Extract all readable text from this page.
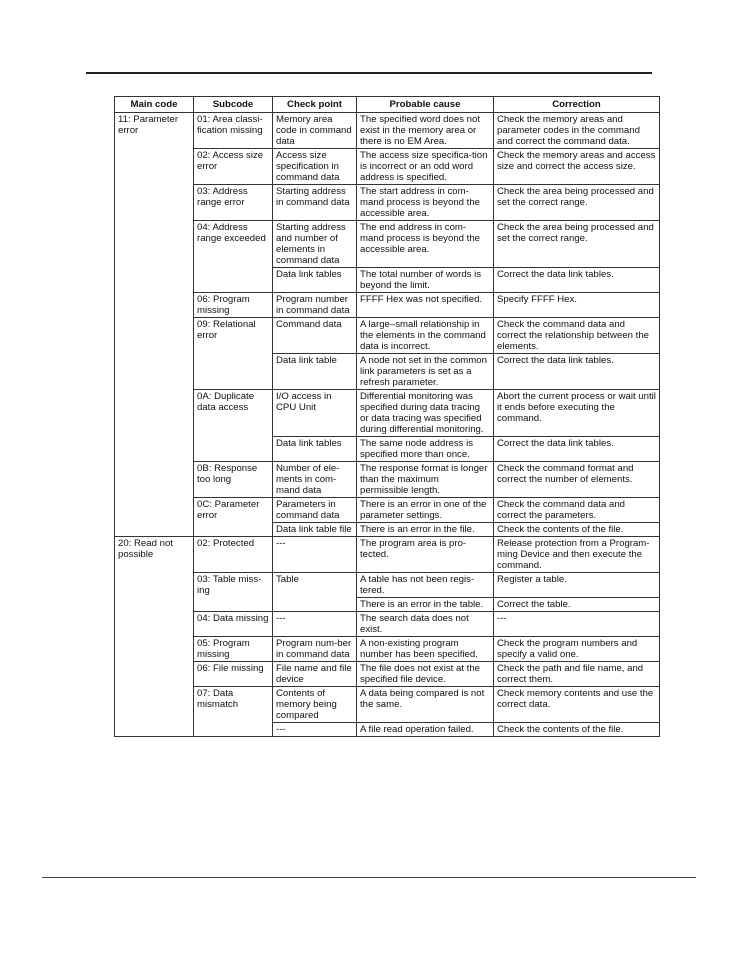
Main code	Subcode	Check point	Probable cause	Correction
11: Parameter error	01: Area classi-fication missing	Memory area code in command data	The specified word does not exist in the memory area or there is no EM Area.	Check the memory areas and parameter codes in the command and correct the command data.
	02: Access size error	Access size specification in command data	The access size specifica-tion is incorrect or an odd word address is specified.	Check the memory areas and access size and correct the access size.
	03: Address range error	Starting address in command data	The start address in com-mand process is beyond the accessible area.	Check the area being processed and set the correct range.
	04: Address range exceeded	Starting address and number of elements in command data	The end address in com-mand process is beyond the accessible area.	Check the area being processed and set the correct range.
		Data link tables	The total number of words is beyond the limit.	Correct the data link tables.
	06: Program missing	Program number in command data	FFFF Hex was not specified.	Specify FFFF Hex.
	09: Relational error	Command data	A large–small relationship in the elements in the command data is incorrect.	Check the command data and correct the relationship between the elements.
		Data link table	A node not set in the common link parameters is set as a refresh parameter.	Correct the data link tables.
	0A: Duplicate data access	I/O access in CPU Unit	Differential monitoring was specified during data tracing or data tracing was specified during differential monitoring.	Abort the current process or wait until it ends before executing the command.
		Data link tables	The same node address is specified more than once.	Correct the data link tables.
	0B: Response too long	Number of ele-ments in com-mand data	The response format is longer than the maximum permissible length.	Check the command format and correct the number of elements.
	0C: Parameter error	Parameters in command data	There is an error in one of the parameter settings.	Check the command data and correct the parameters.
		Data link table file	There is an error in the file.	Check the contents of the file.
20: Read not possible	02: Protected	---	The program area is pro-tected.	Release protection from a Program-ming Device and then execute the command.
	03: Table miss-ing	Table	A table has not been regis-tered.	Register a table.
			There is an error in the table.	Correct the table.
	04: Data missing	---	The search data does not exist.	---
	05: Program missing	Program num-ber in command data	A non-existing program number has been specified.	Check the program numbers and specify a valid one.
	06: File missing	File name and file device	The file does not exist at the specified file device.	Check the path and file name, and correct them.
	07: Data mismatch	Contents of memory being compared	A data being compared is not the same.	Check memory contents and use the correct data.
		---	A file read operation failed.	Check the contents of the file.
